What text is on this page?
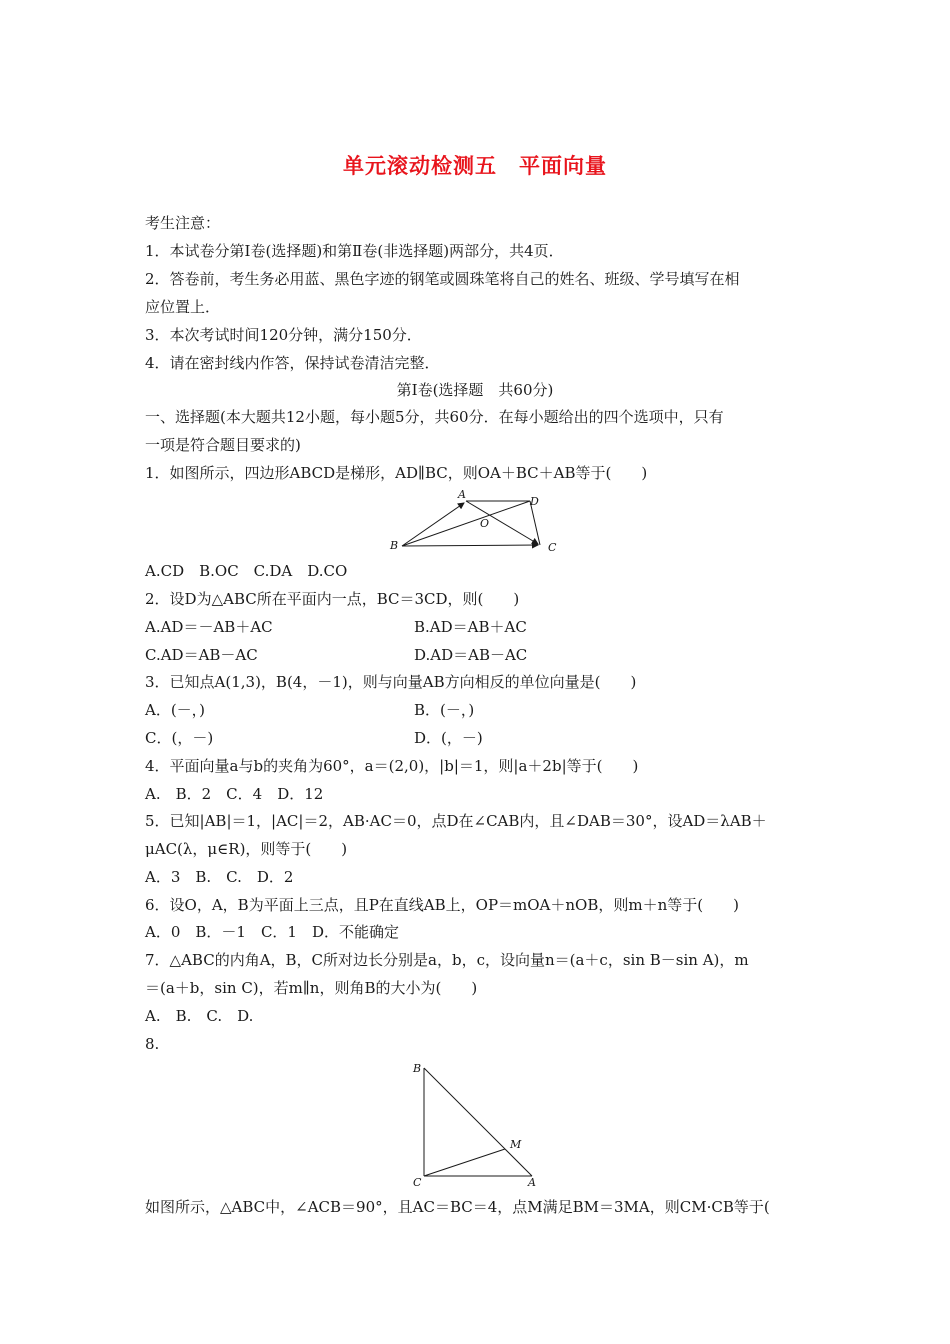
单元滚动检测五　平面向量
考生注意：
1．本试卷分第Ⅰ卷(选择题)和第Ⅱ卷(非选择题)两部分，共4页．
2．答卷前，考生务必用蓝、黑色字迹的钢笔或圆珠笔将自己的姓名、班级、学号填写在相
应位置上．
3．本次考试时间120分钟，满分150分．
4．请在密封线内作答，保持试卷清洁完整．
第Ⅰ卷(选择题　共60分)
一、选择题(本大题共12小题，每小题5分，共60分．在每小题给出的四个选项中，只有
一项是符合题目要求的)
1．如图所示，四边形ABCD是梯形，AD∥BC，则OA＋BC＋AB等于(　　)
A
D
O
B	C
A.CD　B.OC　C.DA　D.CO
2．设D为△ABC所在平面内一点，BC＝3CD，则(　　)
A.AD＝－AB＋AC	B.AD＝AB＋AC
C.AD＝AB－AC	D.AD＝AB－AC
3．已知点A(1,3)，B(4，－1)，则与向量AB方向相反的单位向量是(　　)
A．(－，)	B．(－，)
C．(，－)	D．(，－)
4．平面向量a与b的夹角为60°，a＝(2,0)，|b|＝1，则|a＋2b|等于(　　)
A.　B．2　C．4　D．12
5．已知|AB|＝1，|AC|＝2，AB·AC＝0，点D在∠CAB内，且∠DAB＝30°，设AD＝λAB＋
μAC(λ，μ∈R)，则等于(　　)
A．3　B.　C.　D．2
6．设O，A，B为平面上三点，且P在直线AB上，OP＝mOA＋nOB，则m＋n等于(　　)
A．0　B．－1　C．1　D．不能确定
7．△ABC的内角A，B，C所对边长分别是a，b，c，设向量n＝(a＋c，sin B－sin A)，m
＝(a＋b，sin C)，若m∥n，则角B的大小为(　　)
A.　B.　C.　D.
8.
B
M
C	A
如图所示，△ABC中，∠ACB＝90°，且AC＝BC＝4，点M满足BM＝3MA，则CM·CB等于(
